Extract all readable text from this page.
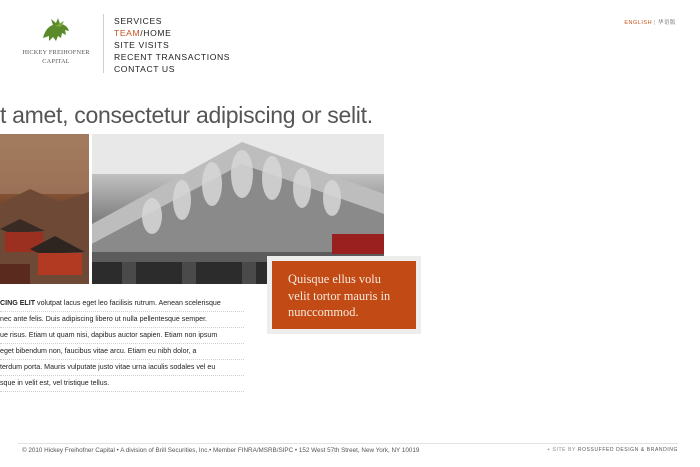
HICKEY FREIHOFNER
CAPITAL
SERVICES
TEAM/HOME
SITE VISITS
RECENT TRANSACTIONS
CONTACT US
ENGLISH | 华语版
t amet, consectetur adipiscing or selit.
Quisque ellus volu velit tortor mauris in nunccommod.

CING ELIT volutpat lacus eget leo facilisis rutrum. Aenean scelerisque

nec ante felis. Duis adipiscing libero ut nulla pellentesque semper.

ue risus. Etiam ut quam nisi, dapibus auctor sapien. Etiam non ipsum

eget bibendum non, faucibus vitae arcu. Etiam eu nibh dolor, a

terdum porta. Mauris vulputate justo vitae urna iaculis sodales vel eu

sque in velit est, vel tristique tellus.

© 2010 Hickey Freihofner Capital • A division of Brill Securities, Inc.• Member FINRA/MSRB/SIPC • 152 West 57th Street, New York, NY 10019	+ SITE BY ROSSUFFED DESIGN & BRANDING
